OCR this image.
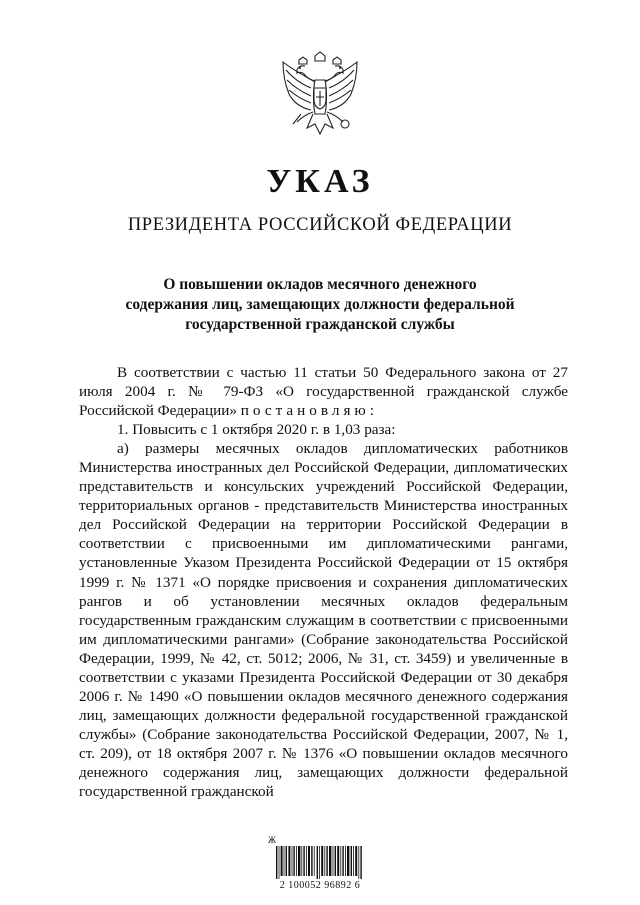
УКАЗ
ПРЕЗИДЕНТА РОССИЙСКОЙ ФЕДЕРАЦИИ
О повышении окладов месячного денежного
содержания лиц, замещающих должности федеральной
государственной гражданской службы

В соответствии с частью 11 статьи 50 Федерального закона от 27 июля 2004 г. № 79-ФЗ «О государственной гражданской службе Российской Федерации» постановляю:

1. Повысить с 1 октября 2020 г. в 1,03 раза:

а) размеры месячных окладов дипломатических работников Министерства иностранных дел Российской Федерации, дипломатических представительств и консульских учреждений Российской Федерации, территориальных органов - представительств Министерства иностранных дел Российской Федерации на территории Российской Федерации в соответствии с присвоенными им дипломатическими рангами, установленные Указом Президента Российской Федерации от 15 октября 1999 г. № 1371 «О порядке присвоения и сохранения дипломатических рангов и об установлении месячных окладов федеральным государственным гражданским служащим в соответствии с присвоенными им дипломатическими рангами» (Собрание законодательства Российской Федерации, 1999, № 42, ст. 5012; 2006, № 31, ст. 3459) и увеличенные в соответствии с указами Президента Российской Федерации от 30 декабря 2006 г. № 1490 «О повышении окладов месячного денежного содержания лиц, замещающих должности федеральной государственной гражданской службы» (Собрание законодательства Российской Федерации, 2007, № 1, ст. 209), от 18 октября 2007 г. № 1376 «О повышении окладов месячного денежного содержания лиц, замещающих должности федеральной государственной гражданской

Ж
2 100052 96892 6
